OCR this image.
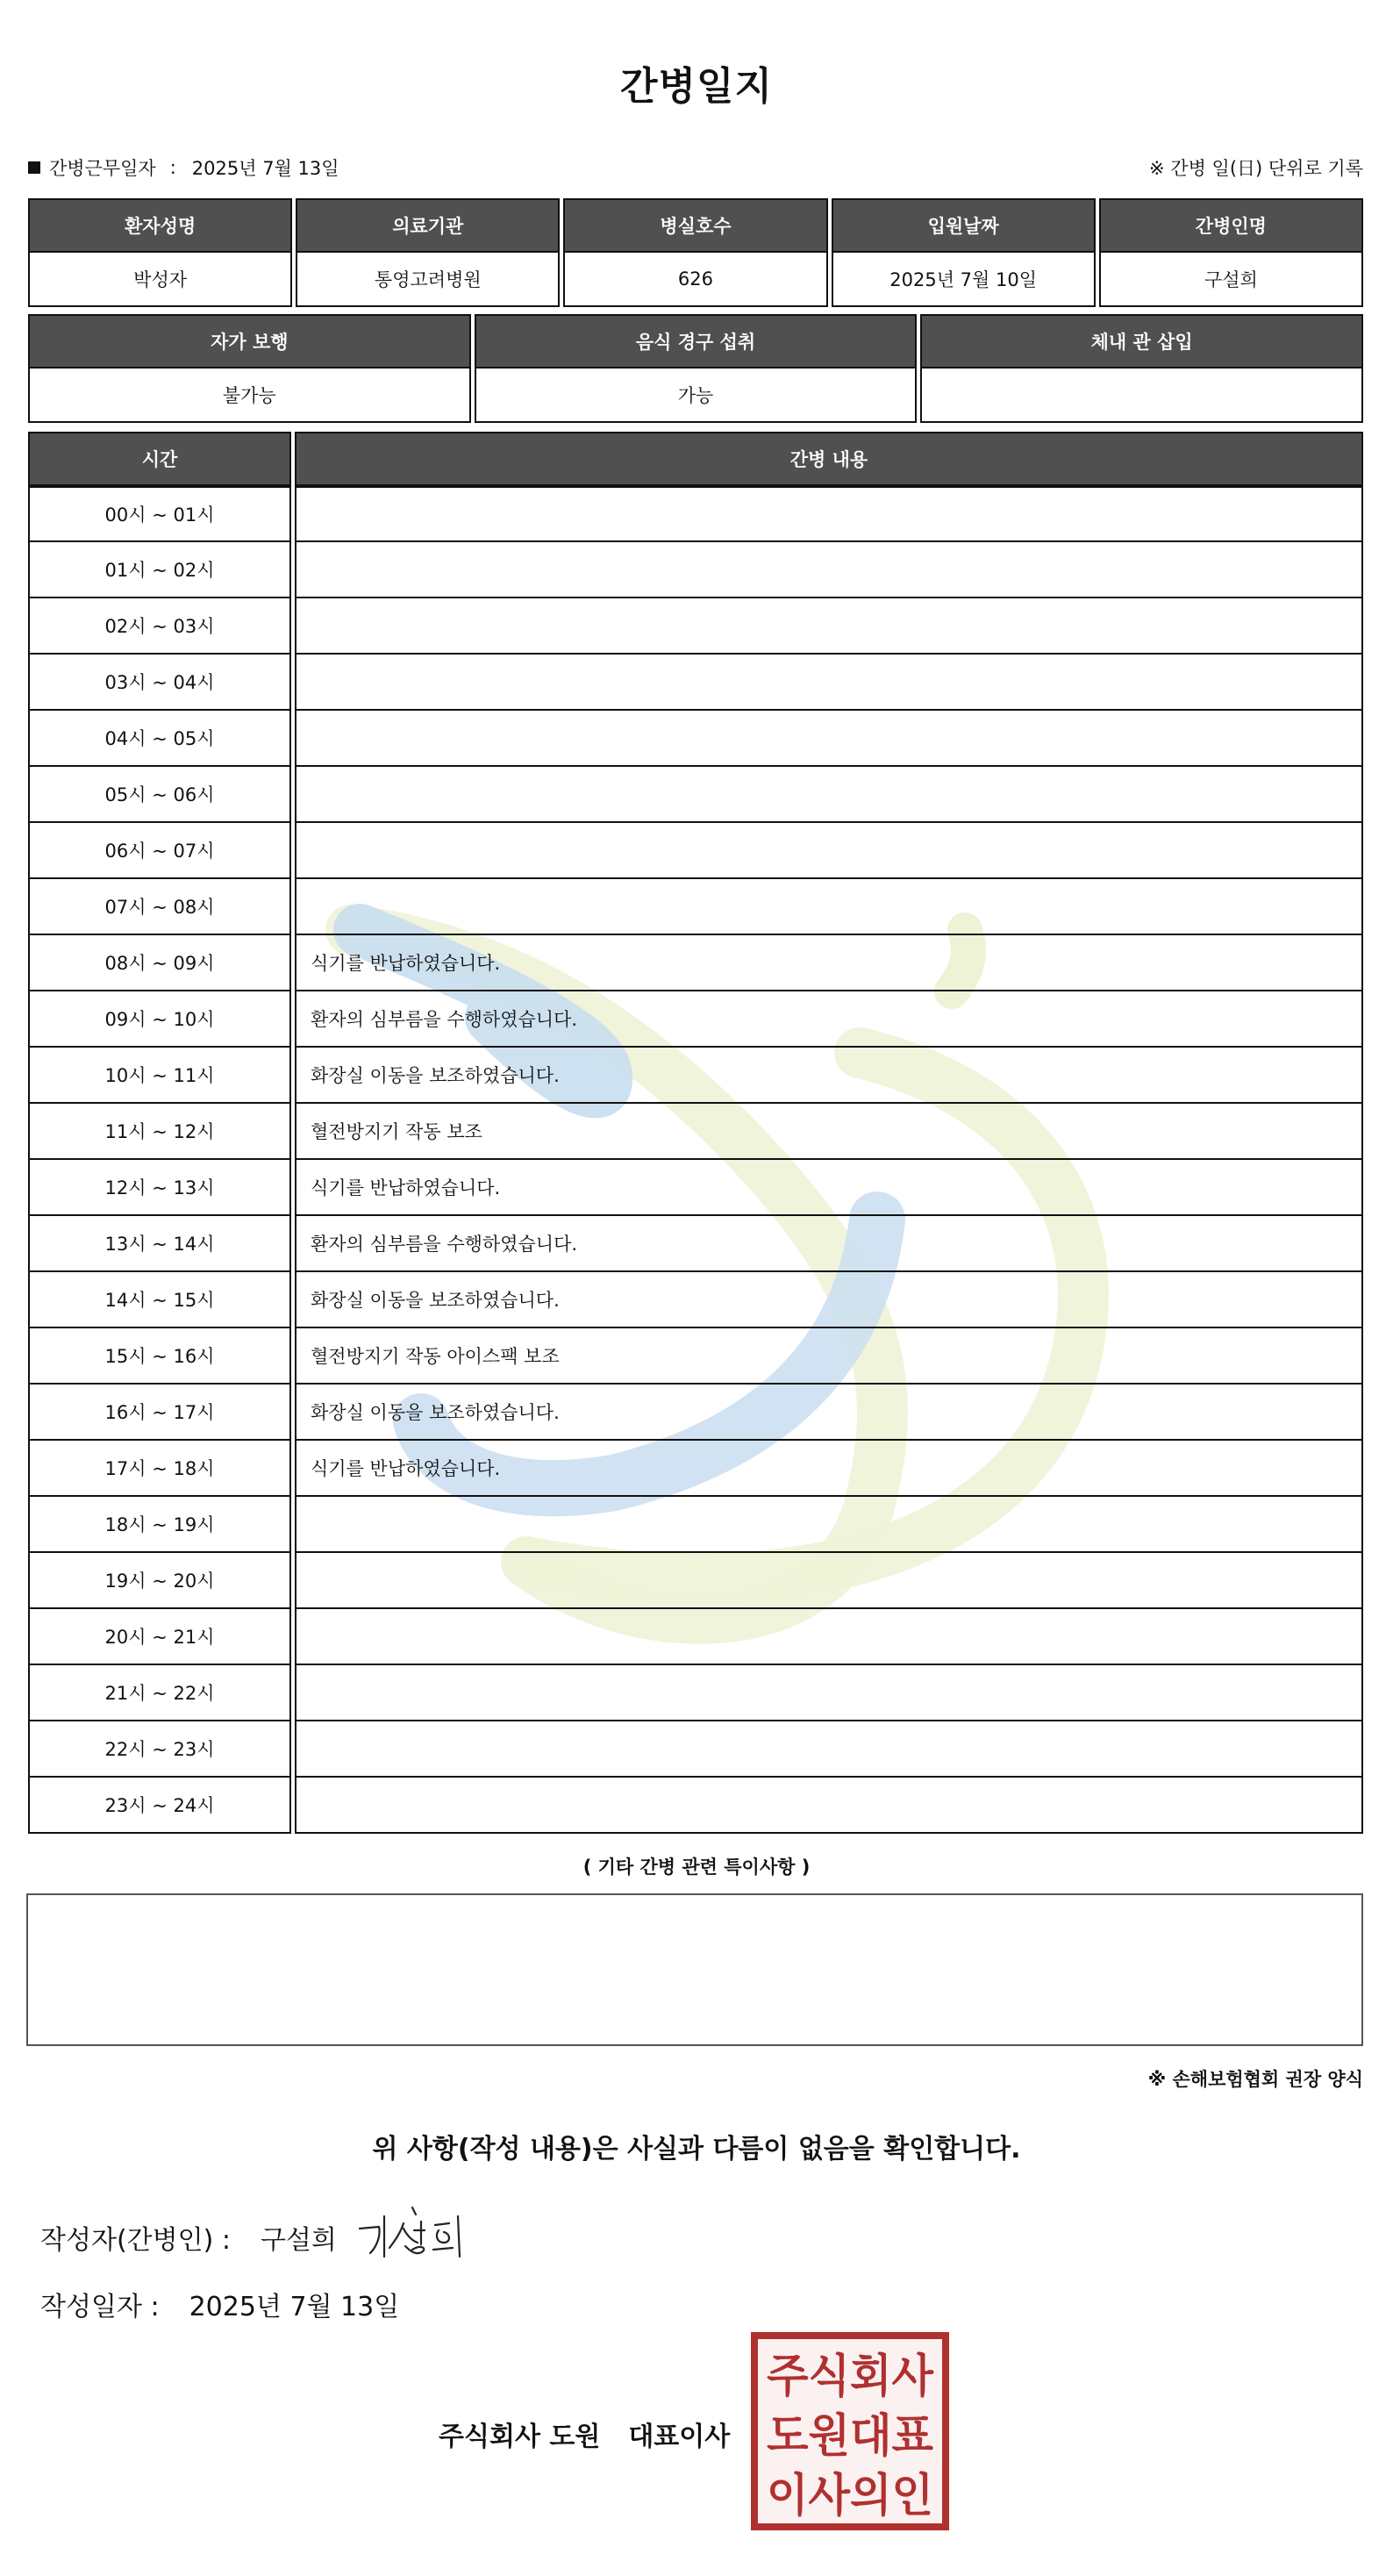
간병일지
간병근무일자 : 2025년 7월 13일	※ 간병 일(日) 단위로 기록
환자성명	의료기관	병실호수	입원날짜	간병인명
박성자	통영고려병원	626	2025년 7월 10일	구설희
자가 보행	음식 경구 섭취	체내 관 삽입
불가능	가능	
시간	간병 내용
00시 ~ 01시	
01시 ~ 02시	
02시 ~ 03시	
03시 ~ 04시	
04시 ~ 05시	
05시 ~ 06시	
06시 ~ 07시	
07시 ~ 08시	
08시 ~ 09시	식기를 반납하였습니다.
09시 ~ 10시	환자의 심부름을 수행하였습니다.
10시 ~ 11시	화장실 이동을 보조하였습니다.
11시 ~ 12시	혈전방지기 작동 보조
12시 ~ 13시	식기를 반납하였습니다.
13시 ~ 14시	환자의 심부름을 수행하였습니다.
14시 ~ 15시	화장실 이동을 보조하였습니다.
15시 ~ 16시	혈전방지기 작동 아이스팩 보조
16시 ~ 17시	화장실 이동을 보조하였습니다.
17시 ~ 18시	식기를 반납하였습니다.
18시 ~ 19시	
19시 ~ 20시	
20시 ~ 21시	
21시 ~ 22시	
22시 ~ 23시	
23시 ~ 24시	
( 기타 간병 관련 특이사항 )
※ 손해보험협회 권장 양식
위 사항(작성 내용)은 사실과 다름이 없음을 확인합니다.
작성자(간병인) : 구설희
작성일자 : 2025년 7월 13일
주식회사 도원 대표이사
주식회사
도원대표
이사의인
